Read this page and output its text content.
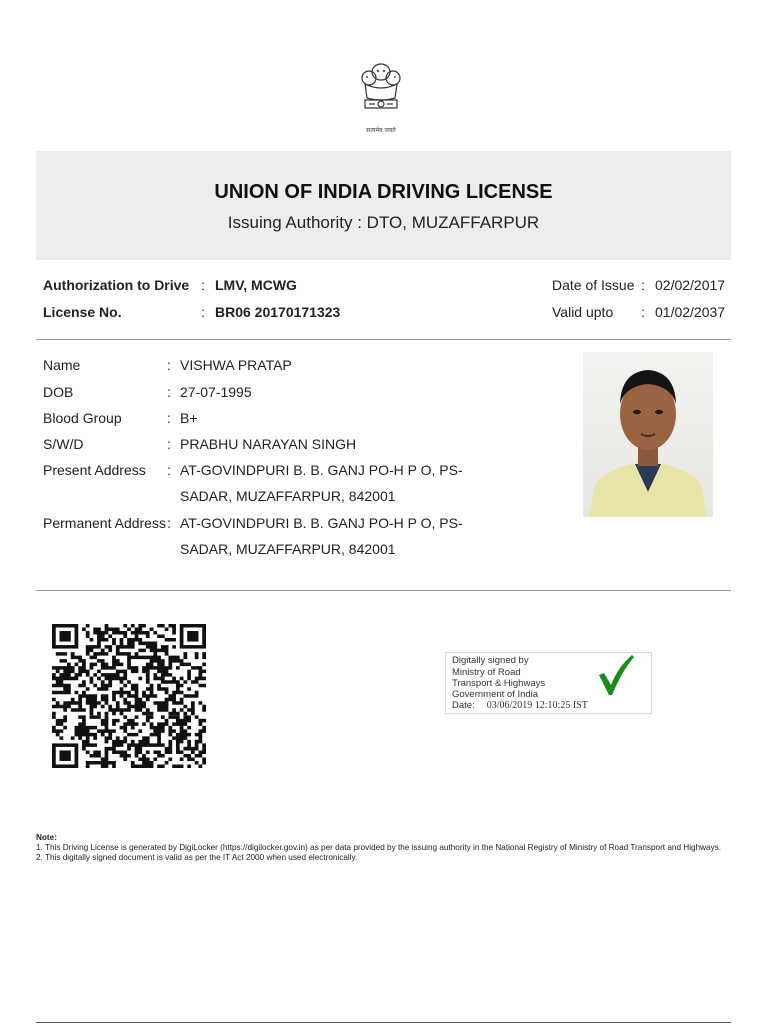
सत्यमेव जयते
UNION OF INDIA DRIVING LICENSE
Issuing Authority : DTO, MUZAFFARPUR
Authorization to Drive : LMV, MCWG
License No.	: BR06 20170171323
Date of Issue : 02/02/2017
Valid upto : 01/02/2037
Name	: VISHWA PRATAP
DOB	: 27-07-1995
Blood Group	: B+
S/W/D	: PRABHU NARAYAN SINGH
Present Address : AT-GOVINDPURI B. B. GANJ PO-H P O, PS-
SADAR, MUZAFFARPUR, 842001
Permanent Address : AT-GOVINDPURI B. B. GANJ PO-H P O, PS-
SADAR, MUZAFFARPUR, 842001
Digitally signed by
Ministry of Road
Transport & Highways
Government of India
Date: 03/06/2019 12:10:25 IST
Note:
1. This Driving License is generated by DigiLocker (https://digilocker.gov.in) as per data provided by the issuing authority in the National Registry of Ministry of Road Transport and Highways.
2. This digitally signed document is valid as per the IT Act 2000 when used electronically.
